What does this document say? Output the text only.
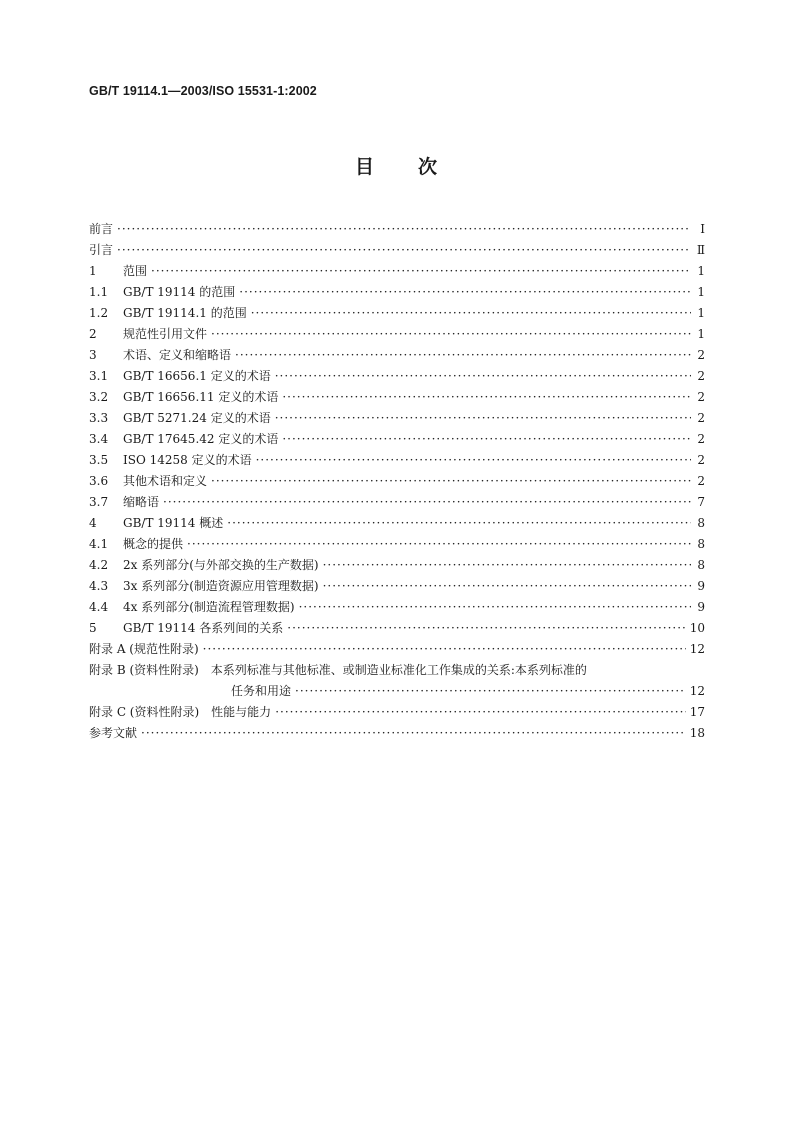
GB/T 19114.1—2003/ISO 15531-1:2002
目 次
前言 ·····	Ⅰ
引言 ·····	Ⅱ
1	范围 ·····	1
1.1	GB/T 19114 的范围 ·····	1
1.2	GB/T 19114.1 的范围 ·····	1
2	规范性引用文件 ·····	1
3	术语、定义和缩略语 ·····	2
3.1	GB/T 16656.1 定义的术语 ·····	2
3.2	GB/T 16656.11 定义的术语 ·····	2
3.3	GB/T 5271.24 定义的术语 ·····	2
3.4	GB/T 17645.42 定义的术语 ·····	2
3.5	ISO 14258 定义的术语 ·····	2
3.6	其他术语和定义 ·····	2
3.7	缩略语 ·····	7
4	GB/T 19114 概述 ·····	8
4.1	概念的提供 ·····	8
4.2	2x 系列部分(与外部交换的生产数据) ·····	8
4.3	3x 系列部分(制造资源应用管理数据) ·····	9
4.4	4x 系列部分(制造流程管理数据) ·····	9
5	GB/T 19114 各系列间的关系 ·····	10
附录 A (规范性附录) ·····	12
附录 B (资料性附录)　本系列标准与其他标准、或制造业标准化工作集成的关系:本系列标准的
任务和用途 ·····	12
附录 C (资料性附录)　性能与能力 ·····	17
参考文献 ·····	18
